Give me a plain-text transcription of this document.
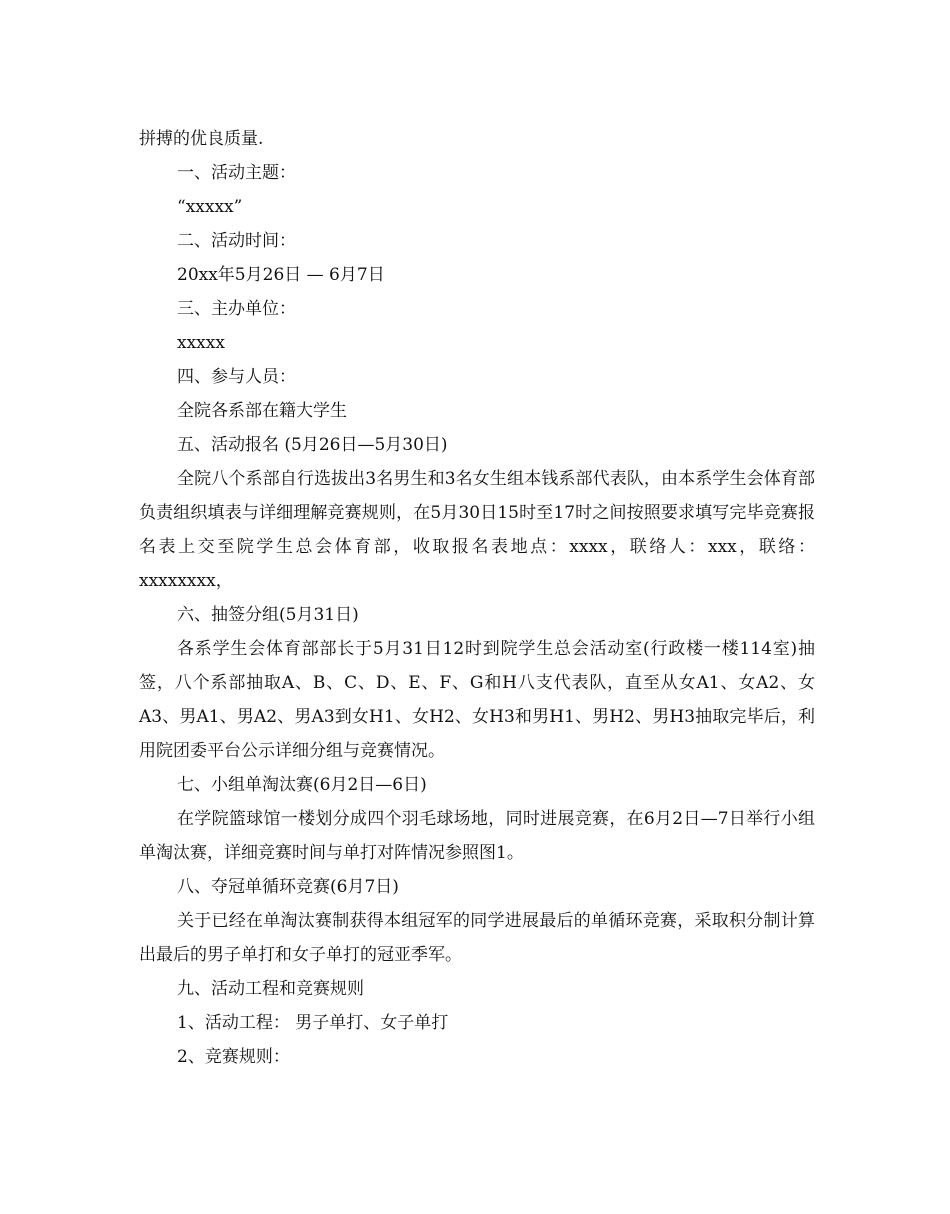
拼搏的优良质量.
一、活动主题：
“xxxxx”
二、活动时间：
20xx年5月26日 — 6月7日
三、主办单位：
xxxxx
四、参与人员：
全院各系部在籍大学生
五、活动报名 (5月26日—5月30日)

全院八个系部自行选拔出3名男生和3名女生组本钱系部代表队，由本系学生会体育部负责组织填表与详细理解竞赛规则，在5月30日15时至17时之间按照要求填写完毕竞赛报名表上交至院学生总会体育部，收取报名表地点：xxxx，联络人：xxx，联络：xxxxxxxx，

六、抽签分组(5月31日)

各系学生会体育部部长于5月31日12时到院学生总会活动室(行政楼一楼114室)抽签，八个系部抽取A、B、C、D、E、F、G和H八支代表队，直至从女A1、女A2、女A3、男A1、男A2、男A3到女H1、女H2、女H3和男H1、男H2、男H3抽取完毕后，利用院团委平台公示详细分组与竞赛情况。

七、小组单淘汰赛(6月2日—6日)

在学院篮球馆一楼划分成四个羽毛球场地，同时进展竞赛，在6月2日—7日举行小组单淘汰赛，详细竞赛时间与单打对阵情况参照图1。

八、夺冠单循环竞赛(6月7日)

关于已经在单淘汰赛制获得本组冠军的同学进展最后的单循环竞赛，采取积分制计算出最后的男子单打和女子单打的冠亚季军。

九、活动工程和竞赛规则
1、活动工程： 男子单打、女子单打
2、竞赛规则：
